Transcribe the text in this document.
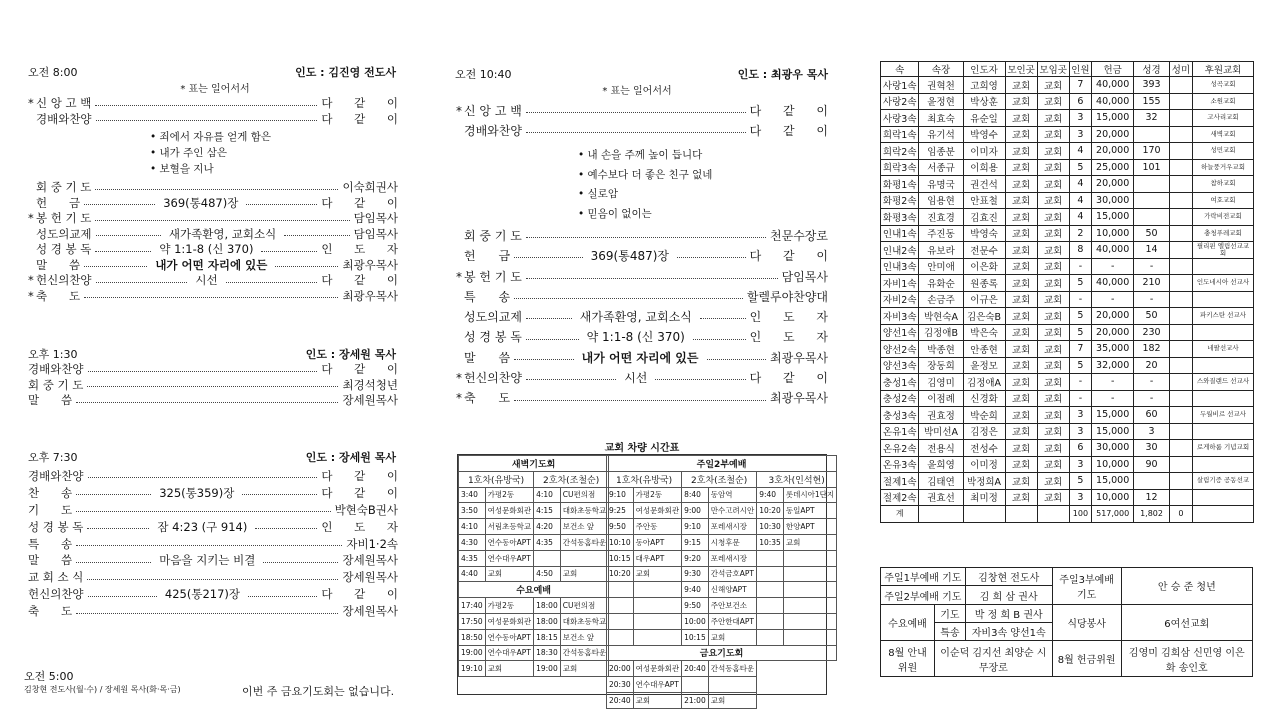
오전 8:00	인도 : 김진영 전도사
* 표는 일어서서
* 신 앙 고 백	다 같 이
경배와찬양	다 같 이
• 죄에서 자유를 얻게 함은
• 내가 주인 삼은
• 보혈을 지나
회 중 기 도	이숙희권사
헌      금	369(통487)장	다 같 이
* 봉 헌 기 도	담임목사
성도의교제	새가족환영, 교회소식	담임목사
성 경 봉 독	약 1:1-8 (신 370)	인 도 자
말      씀	내가 어떤 자리에 있든	최광우목사
* 헌신의찬양	시선	다 같 이
* 축      도	최광우목사
오후 1:30	인도 : 장세원 목사
경배와찬양	다 같 이
회 중 기 도	최경석청년
말      씀	장세원목사
오후 7:30	인도 : 장세원 목사
경배와찬양	다 같 이
찬      송	325(통359)장	다 같 이
기      도	박현숙B권사
성 경 봉 독	잠 4:23 (구 914)	인 도 자
특      송	자비1·2속
말      씀	마음을 지키는 비결	장세원목사
교 회 소 식	장세원목사
헌신의찬양	425(통217)장	다 같 이
축      도	장세원목사
오전 5:00
김창현 전도사(월·수) / 장세원 목사(화·목·금)	이번 주 금요기도회는 없습니다.
오전 10:40	인도 : 최광우 목사
* 표는 일어서서
* 신 앙 고 백	다 같 이
경배와찬양	다 같 이
• 내 손을 주께 높이 듭니다
• 예수보다 더 좋은 친구 없네
• 실로암
• 믿음이 없이는
회 중 기 도	천문수장로
헌      금	369(통487)장	다 같 이
* 봉 헌 기 도	담임목사
특      송	할렐루야찬양대
성도의교제	새가족환영, 교회소식	인 도 자
성 경 봉 독	약 1:1-8 (신 370)	인 도 자
말      씀	내가 어떤 자리에 있든	최광우목사
* 헌신의찬양	시선	다 같 이
* 축      도	최광우목사
교회 차량 시간표
새벽기도회			
1호차(유방국)		2호차(조철순)	
3:40	가평2동	4:10	CU편의점
3:50	여성문화회관	4:15	대화초등학교
4:10	서림초등학교	4:20	보건소 앞
4:30	연수동아APT	4:35	간석동홈타운
4:35	연수대우APT		
4:40	교회	4:50	교회
수요예배			
17:40	가평2동	18:00	CU편의점
17:50	여성문화회관	18:00	대화초등학교
18:50	연수동아APT	18:15	보건소 앞
19:00	연수대우APT	18:30	간석동홈타운
19:10	교회	19:00	교회
주일2부예배					
1호차(유방국)		2호차(조철순)		3호차(인석현)	
9:10	가평2동	8:40	동암역	9:40	롯데시아1단지
9:25	여성문화회관	9:00	만수고려시안	10:20	동일APT
9:50	주안동	9:10	포레새시장	10:30	한양APT
10:10	동아APT	9:15	시청후문	10:35	교회
10:15	대우APT	9:20	포레새시장		
10:20	교회	9:30	간석금호APT		
		9:40	신해양APT		
		9:50	주안보건소		
		10:00	주안한대APT		
		10:15	교회		
금요기도회					
20:00	여성문화회관	20:40	간석동홈타운		
20:30	연수대우APT				
20:40	교회	21:00	교회		
속	속장	인도자	모인곳	모임곳	인원	헌금	성경	성미	후원교회
사랑1속	권혁천	고희영	교회	교회	7	40,000	393		성곡교회
사랑2속	윤정현	박상훈	교회	교회	6	40,000	155		소원교회
사랑3속	최효숙	유순일	교회	교회	3	15,000	32		고사리교회
희락1속	유기석	박영수	교회	교회	3	20,000			새벽교회
희락2속	임종분	이미자	교회	교회	4	20,000	170		성민교회
희락3속	서종규	이희용	교회	교회	5	25,000	101		하늘풍거우교회
화평1속	유명국	권건석	교회	교회	4	20,000			참하교회
화평2속	임용현	안표철	교회	교회	4	30,000			여호교회
화평3속	진효경	김효진	교회	교회	4	15,000			가락비전교회
인내1속	주진동	박영숙	교회	교회	2	10,000	50		충청푸레교회
인내2속	유보라	전문수	교회	교회	8	40,000	14		필리핀 엘림선교교회
인내3속	안미애	이은화	교회	교회	-	-	-		
자비1속	유화순	원종록	교회	교회	5	40,000	210		인도네시아 선교사
자비2속	손금주	이규은	교회	교회	-	-	-		
자비3속	박현숙A	김은숙B	교회	교회	5	20,000	50		파키스탄 선교사
양선1속	김정애B	박은숙	교회	교회	5	20,000	230		
양선2속	박종현	안종현	교회	교회	7	35,000	182		네팔선교사
양선3속	장동희	윤정모	교회	교회	5	32,000	20		
충성1속	김영미	김정애A	교회	교회	-	-	-		스와질랜드 선교사
충성2속	이점례	신경화	교회	교회	-	-	-		
충성3속	권효정	박순희	교회	교회	3	15,000	60		두월비르 선교사
온유1속	박미선A	김정은	교회	교회	3	15,000	3		
온유2속	전용식	전성수	교회	교회	6	30,000	30		로게하룸 기념교회
온유3속	윤희영	이미정	교회	교회	3	10,000	90		
절제1속	김태연	박정희A	교회	교회	5	15,000			살림기증 공동선교
절제2속	권효선	최미정	교회	교회	3	10,000	12		
계					100	517,000	1,802	0	
주일1부예배 기도		김창현 전도사	주일3부예배 기도	안 승 준 청년
주일2부예배 기도		김 희 삼 권사		
수요예배	기도	박 정 희 B 권사	식당봉사	6여선교회
	특송	자비3속 양선1속		
8월 안내위원	이순덕 김지선 최양순 시무장로		8월 헌금위원	김영미 김희삼 신민영 이은화 송인호
